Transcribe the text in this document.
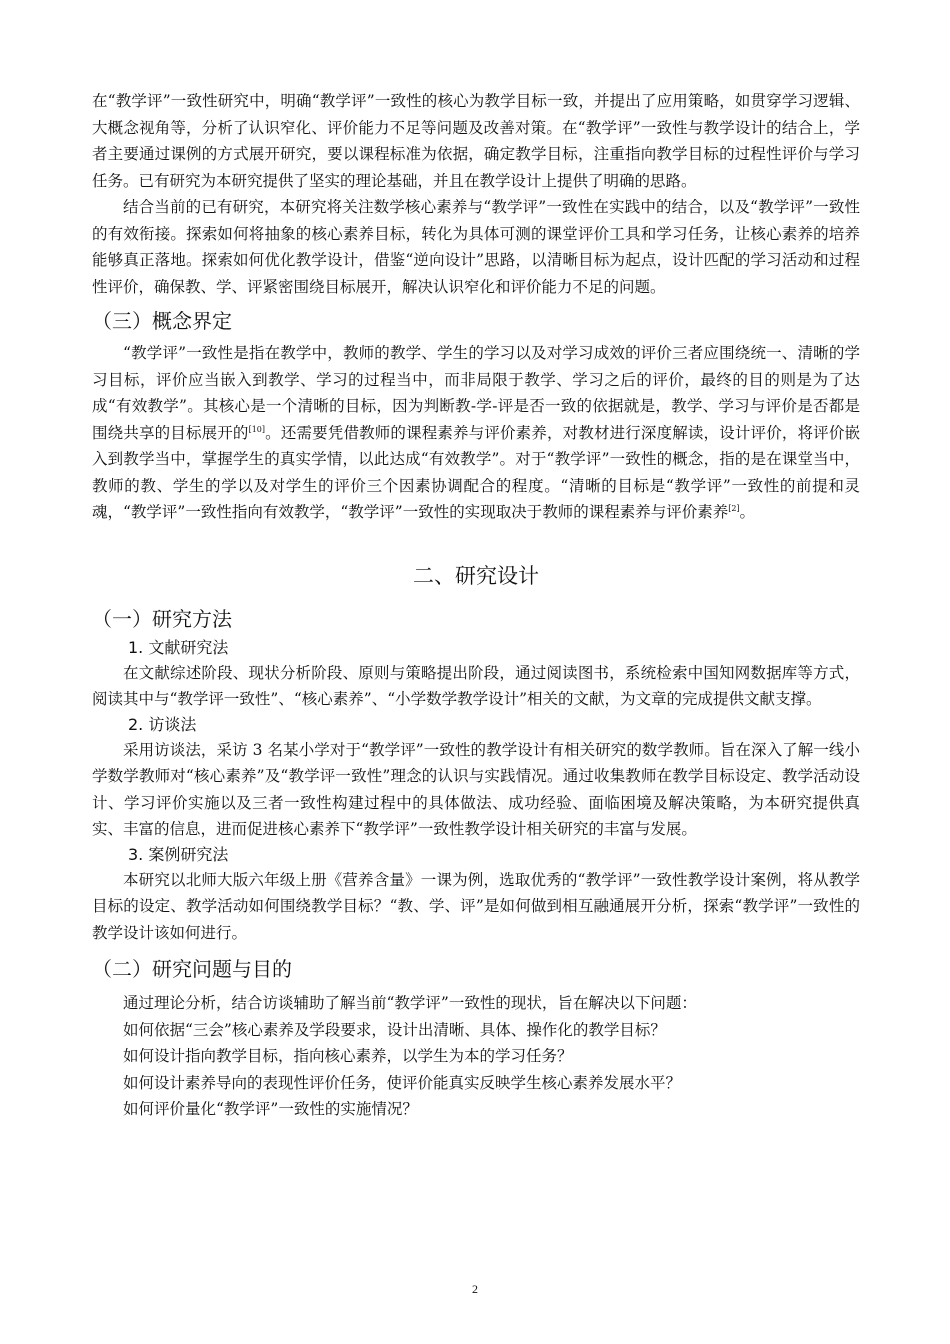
在“教学评”一致性研究中，明确“教学评”一致性的核心为教学目标一致，并提出了应用策略，如贯穿学习逻辑、大概念视角等，分析了认识窄化、评价能力不足等问题及改善对策。在“教学评”一致性与教学设计的结合上，学者主要通过课例的方式展开研究，要以课程标准为依据，确定教学目标，注重指向教学目标的过程性评价与学习任务。已有研究为本研究提供了坚实的理论基础，并且在教学设计上提供了明确的思路。

结合当前的已有研究，本研究将关注数学核心素养与“教学评”一致性在实践中的结合，以及“教学评”一致性的有效衔接。探索如何将抽象的核心素养目标，转化为具体可测的课堂评价工具和学习任务，让核心素养的培养能够真正落地。探索如何优化教学设计，借鉴“逆向设计”思路，以清晰目标为起点，设计匹配的学习活动和过程性评价，确保教、学、评紧密围绕目标展开，解决认识窄化和评价能力不足的问题。

（三）概念界定

“教学评”一致性是指在教学中，教师的教学、学生的学习以及对学习成效的评价三者应围绕统一、清晰的学习目标，评价应当嵌入到教学、学习的过程当中，而非局限于教学、学习之后的评价，最终的目的则是为了达成“有效教学”。其核心是一个清晰的目标，因为判断教-学-评是否一致的依据就是，教学、学习与评价是否都是围绕共享的目标展开的[10]。还需要凭借教师的课程素养与评价素养，对教材进行深度解读，设计评价，将评价嵌入到教学当中，掌握学生的真实学情，以此达成“有效教学”。对于“教学评”一致性的概念，指的是在课堂当中，教师的教、学生的学以及对学生的评价三个因素协调配合的程度。“清晰的目标是“教学评”一致性的前提和灵魂，“教学评”一致性指向有效教学，“教学评”一致性的实现取决于教师的课程素养与评价素养[2]。

二、研究设计
（一）研究方法
1. 文献研究法

在文献综述阶段、现状分析阶段、原则与策略提出阶段，通过阅读图书，系统检索中国知网数据库等方式，阅读其中与“教学评一致性”、“核心素养”、“小学数学教学设计”相关的文献，为文章的完成提供文献支撑。

2. 访谈法

采用访谈法，采访 3 名某小学对于“教学评”一致性的教学设计有相关研究的数学教师。旨在深入了解一线小学数学教师对“核心素养”及“教学评一致性”理念的认识与实践情况。通过收集教师在教学目标设定、教学活动设计、学习评价实施以及三者一致性构建过程中的具体做法、成功经验、面临困境及解决策略，为本研究提供真实、丰富的信息，进而促进核心素养下“教学评”一致性教学设计相关研究的丰富与发展。

3. 案例研究法

本研究以北师大版六年级上册《营养含量》一课为例，选取优秀的“教学评”一致性教学设计案例，将从教学目标的设定、教学活动如何围绕教学目标？“教、学、评”是如何做到相互融通展开分析，探索“教学评”一致性的教学设计该如何进行。

（二）研究问题与目的

通过理论分析，结合访谈辅助了解当前“教学评”一致性的现状，旨在解决以下问题：

如何依据“三会”核心素养及学段要求，设计出清晰、具体、操作化的教学目标？

如何设计指向教学目标，指向核心素养，以学生为本的学习任务？

如何设计素养导向的表现性评价任务，使评价能真实反映学生核心素养发展水平？

如何评价量化“教学评”一致性的实施情况？

2
